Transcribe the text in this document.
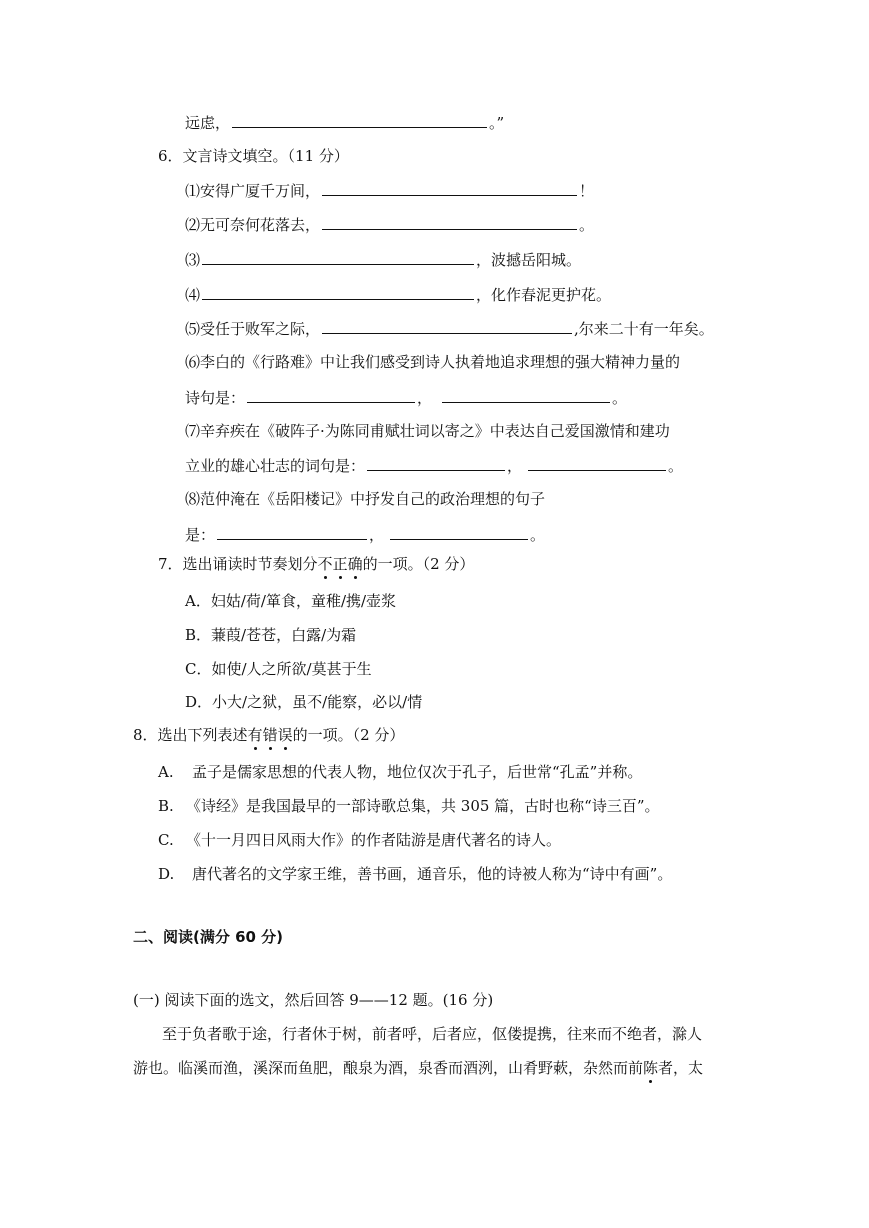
远虑，	。”
6．文言诗文填空。（11 分）
⑴安得广厦千万间，	！
⑵无可奈何花落去，	。
⑶	，波撼岳阳城。
⑷	，化作春泥更护花。
⑸受任于败军之际，	,尔来二十有一年矣。
⑹李白的《行路难》中让我们感受到诗人执着地追求理想的强大精神力量的
诗句是：	，	。
⑺辛弃疾在《破阵子·为陈同甫赋壮词以寄之》中表达自己爱国激情和建功
立业的雄心壮志的词句是：	，	。
⑻范仲淹在《岳阳楼记》中抒发自己的政治理想的句子
是：	，	。
7．选出诵读时节奏划分不正确的一项。（2 分）
A．妇姑/荷/箪食，童稚/携/壶浆
B．蒹葭/苍苍，白露/为霜
C．如使/人之所欲/莫甚于生
D．小大/之狱，虽不/能察，必以/情
8．选出下列表述有错误的一项。（2 分）
A. 孟子是儒家思想的代表人物，地位仅次于孔子，后世常“孔孟”并称。
B. 《诗经》是我国最早的一部诗歌总集，共 305 篇，古时也称“诗三百”。
C. 《十一月四日风雨大作》的作者陆游是唐代著名的诗人。
D. 唐代著名的文学家王维，善书画，通音乐，他的诗被人称为“诗中有画”。
二、阅读(满分 60 分)
(一) 阅读下面的选文，然后回答 9——12 题。(16 分)
至于负者歌于途，行者休于树，前者呼，后者应，伛偻提携，往来而不绝者，滁人
游也。临溪而渔，溪深而鱼肥，酿泉为酒，泉香而酒洌，山肴野蔌，杂然而前陈者，太
